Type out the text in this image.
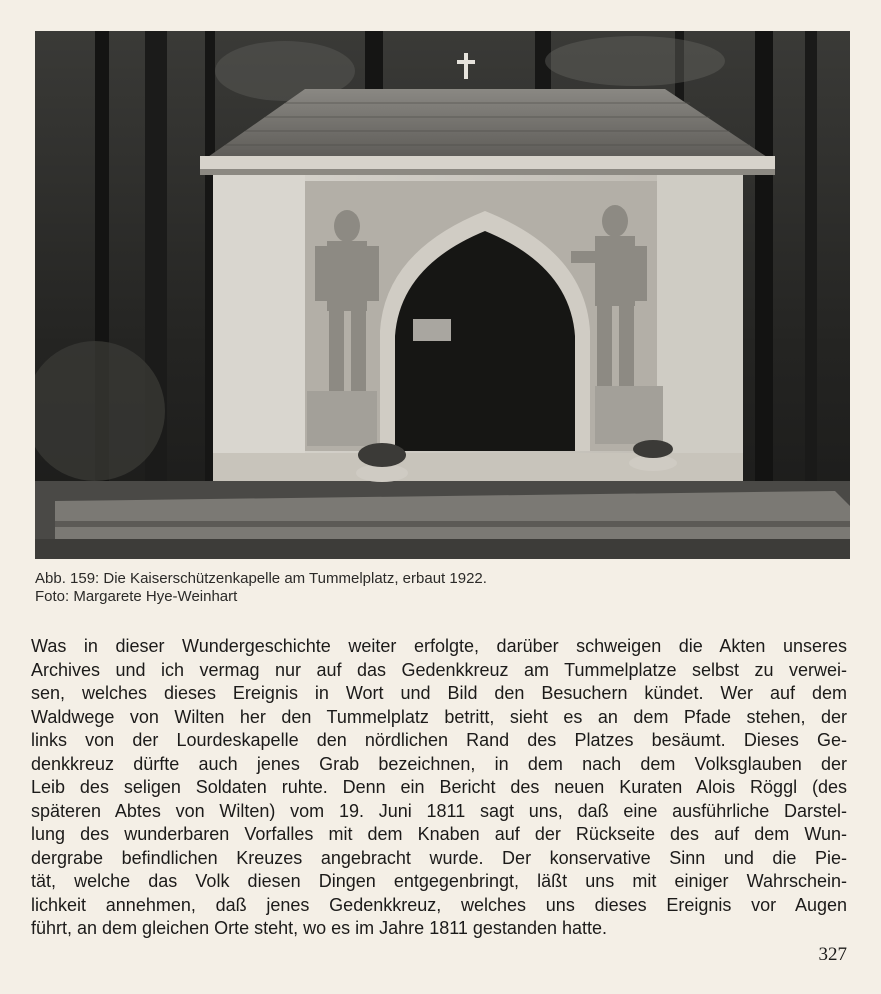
Abb. 159: Die Kaiserschützenkapelle am Tummelplatz, erbaut 1922.
Foto: Margarete Hye-Weinhart
Was in dieser Wundergeschichte weiter erfolgte, darüber schweigen die Akten unseres
Archives und ich vermag nur auf das Gedenkkreuz am Tummelplatze selbst zu verwei-
sen, welches dieses Ereignis in Wort und Bild den Besuchern kündet. Wer auf dem
Waldwege von Wilten her den Tummelplatz betritt, sieht es an dem Pfade stehen, der
links von der Lourdeskapelle den nördlichen Rand des Platzes besäumt. Dieses Ge-
denkkreuz dürfte auch jenes Grab bezeichnen, in dem nach dem Volksglauben der
Leib des seligen Soldaten ruhte. Denn ein Bericht des neuen Kuraten Alois Röggl (des
späteren Abtes von Wilten) vom 19. Juni 1811 sagt uns, daß eine ausführliche Darstel-
lung des wunderbaren Vorfalles mit dem Knaben auf der Rückseite des auf dem Wun-
dergrabe befindlichen Kreuzes angebracht wurde. Der konservative Sinn und die Pie-
tät, welche das Volk diesen Dingen entgegenbringt, läßt uns mit einiger Wahrschein-
lichkeit annehmen, daß jenes Gedenkkreuz, welches uns dieses Ereignis vor Augen
führt, an dem gleichen Orte steht, wo es im Jahre 1811 gestanden hatte.
327
